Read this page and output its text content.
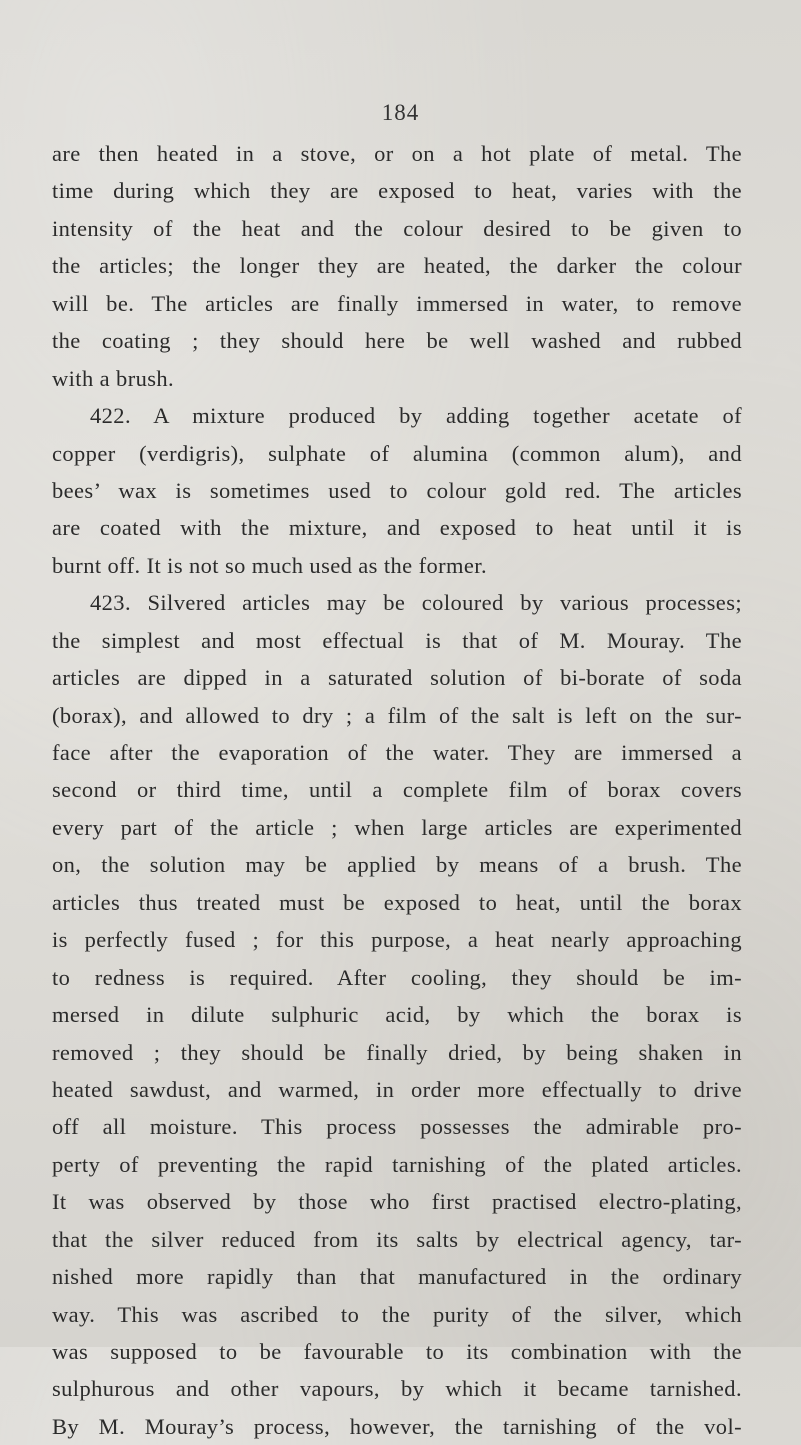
184
are then heated in a stove, or on a hot plate of metal. The
time during which they are exposed to heat, varies with the
intensity of the heat and the colour desired to be given to
the articles; the longer they are heated, the darker the colour
will be. The articles are finally immersed in water, to remove
the coating ; they should here be well washed and rubbed
with a brush.
422. A mixture produced by adding together acetate of
copper (verdigris), sulphate of alumina (common alum), and
bees’ wax is sometimes used to colour gold red. The articles
are coated with the mixture, and exposed to heat until it is
burnt off. It is not so much used as the former.
423. Silvered articles may be coloured by various processes;
the simplest and most effectual is that of M. Mouray. The
articles are dipped in a saturated solution of bi-borate of soda
(borax), and allowed to dry ; a film of the salt is left on the sur-
face after the evaporation of the water. They are immersed a
second or third time, until a complete film of borax covers
every part of the article ; when large articles are experimented
on, the solution may be applied by means of a brush. The
articles thus treated must be exposed to heat, until the borax
is perfectly fused ; for this purpose, a heat nearly approaching
to redness is required. After cooling, they should be im-
mersed in dilute sulphuric acid, by which the borax is
removed ; they should be finally dried, by being shaken in
heated sawdust, and warmed, in order more effectually to drive
off all moisture. This process possesses the admirable pro-
perty of preventing the rapid tarnishing of the plated articles.
It was observed by those who first practised electro-plating,
that the silver reduced from its salts by electrical agency, tar-
nished more rapidly than that manufactured in the ordinary
way. This was ascribed to the purity of the silver, which
was supposed to be favourable to its combination with the
sulphurous and other vapours, by which it became tarnished.
By M. Mouray’s process, however, the tarnishing of the vol-
